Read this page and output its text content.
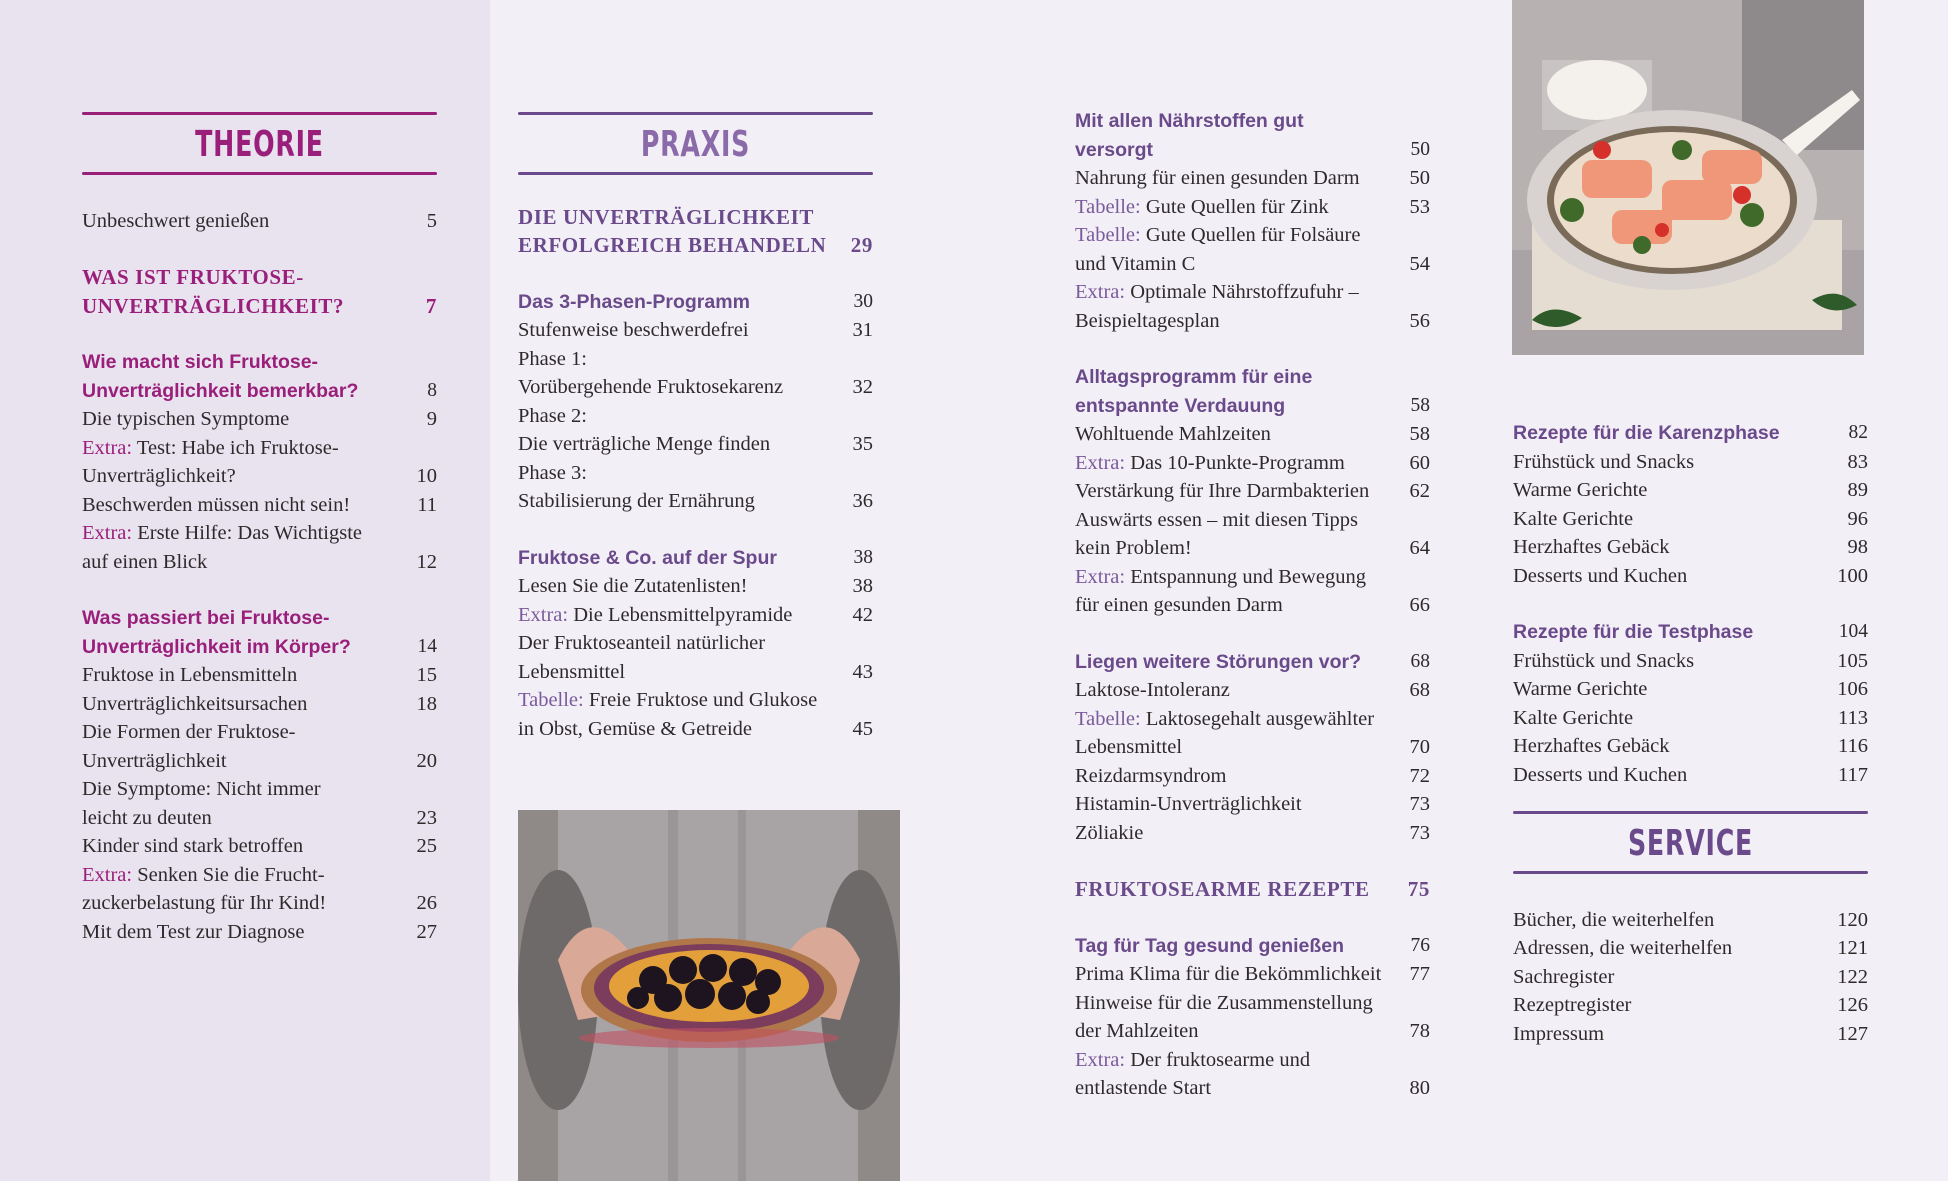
THEORIE
Unbeschwert genießen	5
WAS IST FRUKTOSE-
UNVERTRÄGLICHKEIT?	7
Wie macht sich Fruktose-
Unverträglichkeit bemerkbar?	8
Die typischen Symptome	9
Extra: Test: Habe ich Fruktose-
Unverträglichkeit?	10
Beschwerden müssen nicht sein!	11
Extra: Erste Hilfe: Das Wichtigste
auf einen Blick	12
Was passiert bei Fruktose-
Unverträglichkeit im Körper?	14
Fruktose in Lebensmitteln	15
Unverträglichkeitsursachen	18
Die Formen der Fruktose-
Unverträglichkeit	20
Die Symptome: Nicht immer
leicht zu deuten	23
Kinder sind stark betroffen	25
Extra: Senken Sie die Frucht-
zuckerbelastung für Ihr Kind!	26
Mit dem Test zur Diagnose	27
PRAXIS
DIE UNVERTRÄGLICHKEIT
ERFOLGREICH BEHANDELN	29
Das 3-Phasen-Programm	30
Stufenweise beschwerdefrei	31
Phase 1:
Vorübergehende Fruktosekarenz	32
Phase 2:
Die verträgliche Menge finden	35
Phase 3:
Stabilisierung der Ernährung	36
Fruktose & Co. auf der Spur	38
Lesen Sie die Zutatenlisten!	38
Extra: Die Lebensmittelpyramide	42
Der Fruktoseanteil natürlicher
Lebensmittel	43
Tabelle: Freie Fruktose und Glukose
in Obst, Gemüse & Getreide	45
Mit allen Nährstoffen gut versorgt	50
Nahrung für einen gesunden Darm	50
Tabelle: Gute Quellen für Zink	53
Tabelle: Gute Quellen für Folsäure
und Vitamin C	54
Extra: Optimale Nährstoffzufuhr –
Beispieltagesplan	56
Alltagsprogramm für eine
entspannte Verdauung	58
Wohltuende Mahlzeiten	58
Extra: Das 10-Punkte-Programm	60
Verstärkung für Ihre Darmbakterien	62
Auswärts essen – mit diesen Tipps
kein Problem!	64
Extra: Entspannung und Bewegung
für einen gesunden Darm	66
Liegen weitere Störungen vor?	68
Laktose-Intoleranz	68
Tabelle: Laktosegehalt ausgewählter
Lebensmittel	70
Reizdarmsyndrom	72
Histamin-Unverträglichkeit	73
Zöliakie	73
FRUKTOSEARME REZEPTE	75
Tag für Tag gesund genießen	76
Prima Klima für die Bekömmlichkeit	77
Hinweise für die Zusammenstellung
der Mahlzeiten	78
Extra: Der fruktosearme und
entlastende Start	80
Rezepte für die Karenzphase	82
Frühstück und Snacks	83
Warme Gerichte	89
Kalte Gerichte	96
Herzhaftes Gebäck	98
Desserts und Kuchen	100
Rezepte für die Testphase	104
Frühstück und Snacks	105
Warme Gerichte	106
Kalte Gerichte	113
Herzhaftes Gebäck	116
Desserts und Kuchen	117
SERVICE
Bücher, die weiterhelfen	120
Adressen, die weiterhelfen	121
Sachregister	122
Rezeptregister	126
Impressum	127
